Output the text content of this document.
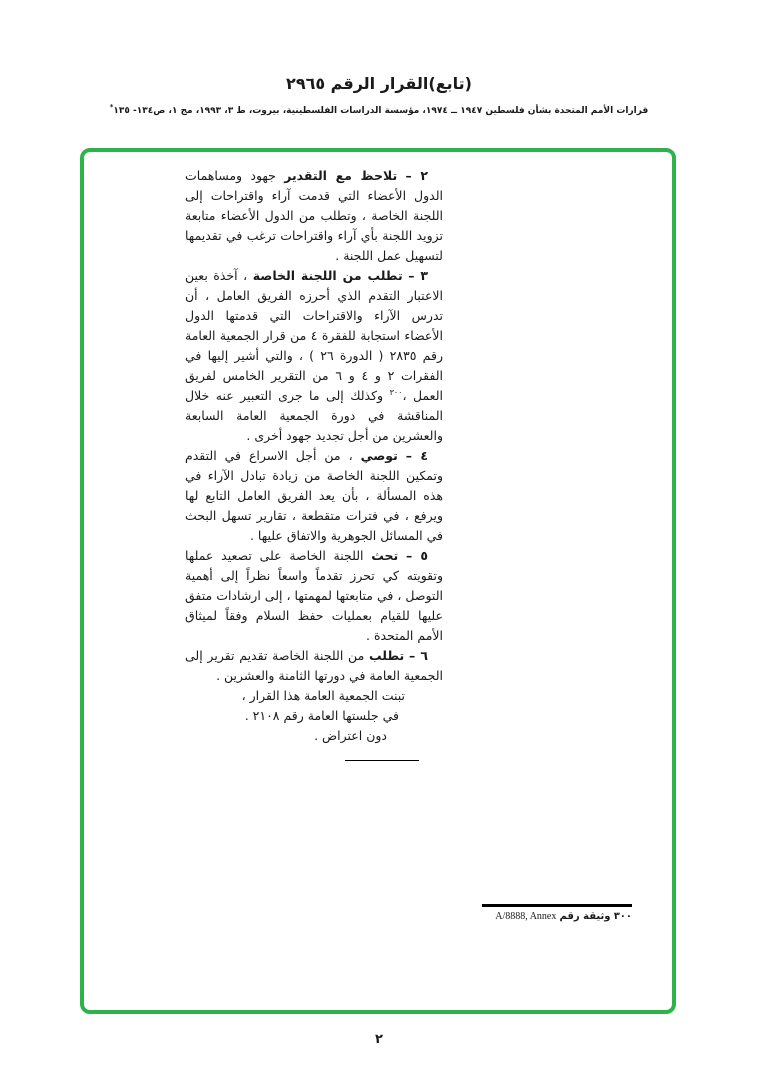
(تابع)القرار الرقم ٢٩٦٥
قرارات الأمم المتحدة بشأن فلسطين ١٩٤٧ ــ ١٩٧٤، مؤسسة الدراسات الفلسطينية، بيروت، ط ٣، ١٩٩٣، مج ١، ص١٣٤- ١٣٥*

٢ – تلاحظ مع التقدير جهود ومساهمات الدول الأعضاء التي قدمت آراء واقتراحات إلى اللجنة الخاصة ، وتطلب من الدول الأعضاء متابعة تزويد اللجنة بأي آراء واقتراحات ترغب في تقديمها لتسهيل عمل اللجنة .

٣ – تطلب من اللجنة الخاصة ، آخذة بعين الاعتبار التقدم الذي أحرزه الفريق العامل ، أن تدرس الآراء والاقتراحات التي قدمتها الدول الأعضاء استجابة للفقرة ٤ من قرار الجمعية العامة رقم ٢٨٣٥ ( الدورة ٢٦ ) ، والتي أشير إليها في الفقرات ٢ و ٤ و ٦ من التقرير الخامس لفريق العمل ،$^{٣٠٠}$ وكذلك إلى ما جرى التعبير عنه خلال المناقشة في دورة الجمعية العامة السابعة والعشرين من أجل تجديد جهود أخرى .

٤ – توصي ، من أجل الاسراع في التقدم وتمكين اللجنة الخاصة من زيادة تبادل الآراء في هذه المسألة ، بأن يعد الفريق العامل التابع لها ويرفع ، في فترات متقطعة ، تقارير تسهل البحث في المسائل الجوهرية والاتفاق عليها .

٥ – تحث اللجنة الخاصة على تصعيد عملها وتقويته كي تحرز تقدماً واسعاً نظراً إلى أهمية التوصل ، في متابعتها لمهمتها ، إلى ارشادات متفق عليها للقيام بعمليات حفظ السلام وفقاً لميثاق الأمم المتحدة .

٦ – تطلب من اللجنة الخاصة تقديم تقرير إلى الجمعية العامة في دورتها الثامنة والعشرين .

تبنت الجمعية العامة هذا القرار ،

في جلستها العامة رقم ٢١٠٨ .

دون اعتراض .

٣٠٠ وثيقة رقم A/8888, Annex
٢
